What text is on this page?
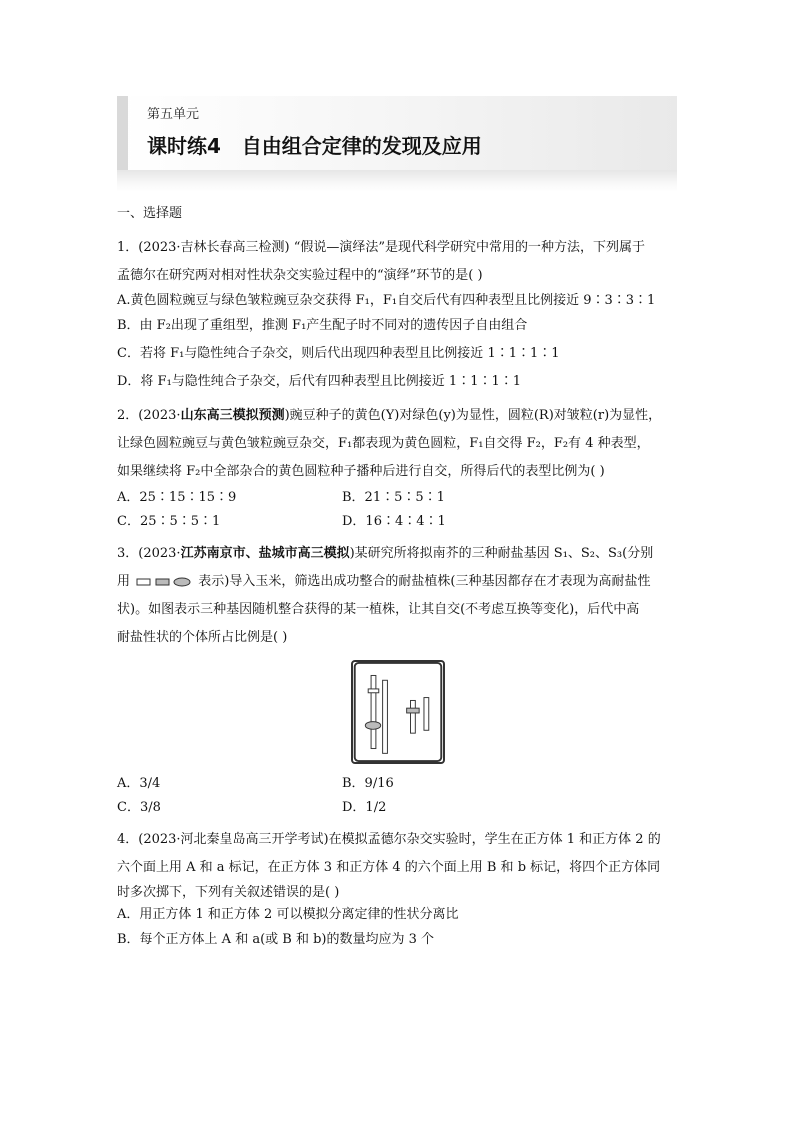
第五单元
课时练4   自由组合定律的发现及应用
一、选择题
1．(2023·吉林长春高三检测) “假说—演绎法”是现代科学研究中常用的一种方法，下列属于
孟德尔在研究两对相对性状杂交实验过程中的“演绎”环节的是( )
A.黄色圆粒豌豆与绿色皱粒豌豆杂交获得 F₁，F₁自交后代有四种表型且比例接近 9∶3∶3∶1
B．由 F₂出现了重组型，推测 F₁产生配子时不同对的遗传因子自由组合
C．若将 F₁与隐性纯合子杂交，则后代出现四种表型且比例接近 1∶1∶1∶1
D．将 F₁与隐性纯合子杂交，后代有四种表型且比例接近 1∶1∶1∶1
2．(2023·山东高三模拟预测)豌豆种子的黄色(Y)对绿色(y)为显性，圆粒(R)对皱粒(r)为显性，
让绿色圆粒豌豆与黄色皱粒豌豆杂交，F₁都表现为黄色圆粒，F₁自交得 F₂，F₂有 4 种表型，
如果继续将 F₂中全部杂合的黄色圆粒种子播种后进行自交，所得后代的表型比例为( )
A．25∶15∶15∶9	B．21∶5∶5∶1
C．25∶5∶5∶1	D．16∶4∶4∶1
3．(2023·江苏南京市、盐城市高三模拟)某研究所将拟南芥的三种耐盐基因 S₁、S₂、S₃(分别
用	表示)导入玉米，筛选出成功整合的耐盐植株(三种基因都存在才表现为高耐盐性
状)。如图表示三种基因随机整合获得的某一植株，让其自交(不考虑互换等变化)，后代中高
耐盐性状的个体所占比例是( )
A．3/4	B．9/16
C．3/8	D．1/2
4．(2023·河北秦皇岛高三开学考试)在模拟孟德尔杂交实验时，学生在正方体 1 和正方体 2 的
六个面上用 A 和 a 标记，在正方体 3 和正方体 4 的六个面上用 B 和 b 标记，将四个正方体同
时多次掷下，下列有关叙述错误的是( )
A．用正方体 1 和正方体 2 可以模拟分离定律的性状分离比
B．每个正方体上 A 和 a(或 B 和 b)的数量均应为 3 个
